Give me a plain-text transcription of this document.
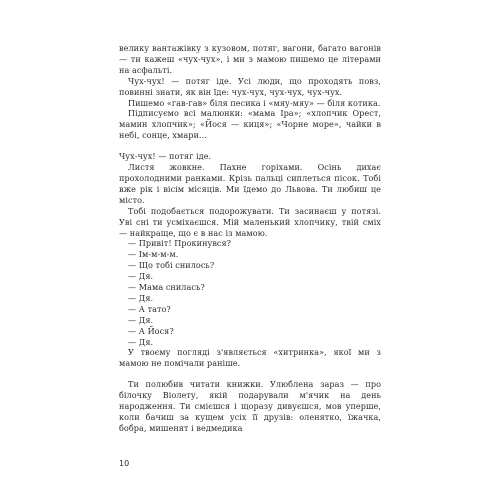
велику вантажівку з кузовом, потяг, вагони, багато вагонів — ти кажеш «чух-чух», і ми з мамою пишемо це літерами на асфальті.

Чух-чух! — потяг іде. Усі люди, що проходять повз, повинні знати, як він їде: чух-чух, чух-чух, чух-чух.

Пишемо «гав-гав» біля песика і «мяу-мяу» — біля котика.

Підписуємо всі малюнки: «мама Іра»; «хлопчик Орест, мамин хлопчик»; «Йося — киця»; «Чорне море», чайки в небі, сонце, хмари…

Чух-чух! — потяг іде.

Листя жовкне. Пахне горіхами. Осінь дихає прохолодними ранками. Крізь пальці сиплеться пісок. Тобі вже рік і вісім місяців. Ми їдемо до Львова. Ти любиш це місто.

Тобі подобається подорожувати. Ти засинаєш у потязі. Уві сні ти усміхаєшся. Мій маленький хлопчику, твій сміх — найкраще, що є в нас із мамою.

— Привіт! Прокинувся?

— Ім-м-м-м.

— Що тобі снилось?

— Дя.

— Мама снилась?

— Дя.

— А тато?

— Дя.

— А Йося?

— Дя.

У твоєму погляді з'являється «хитринка», якої ми з мамою не помічали раніше.

Ти полюбив читати книжки. Улюблена зараз — про білочку Віолету, якій подарували м'ячик на день народження. Ти смієшся і щоразу дивуєшся, мов уперше, коли бачиш за кущем усіх її друзів: оленятко, їжачка, бобра, мишенят і ведмедика

10
